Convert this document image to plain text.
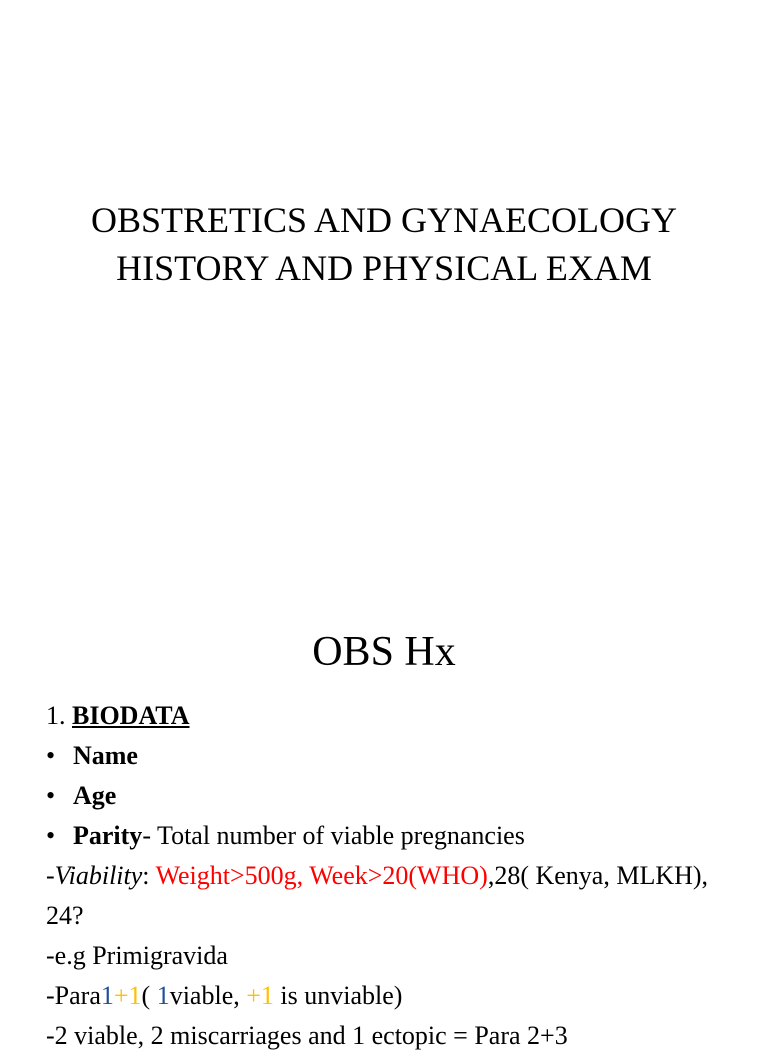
OBSTRETICS AND GYNAECOLOGY
HISTORY AND PHYSICAL EXAM
OBS Hx
1. BIODATA
• Name
• Age
• Parity- Total number of viable pregnancies
-Viability: Weight>500g, Week>20(WHO),28( Kenya, MLKH), 24?
-e.g Primigravida
-Para1+1( 1viable, +1 is unviable)
-2 viable, 2 miscarriages and 1 ectopic = Para 2+3
